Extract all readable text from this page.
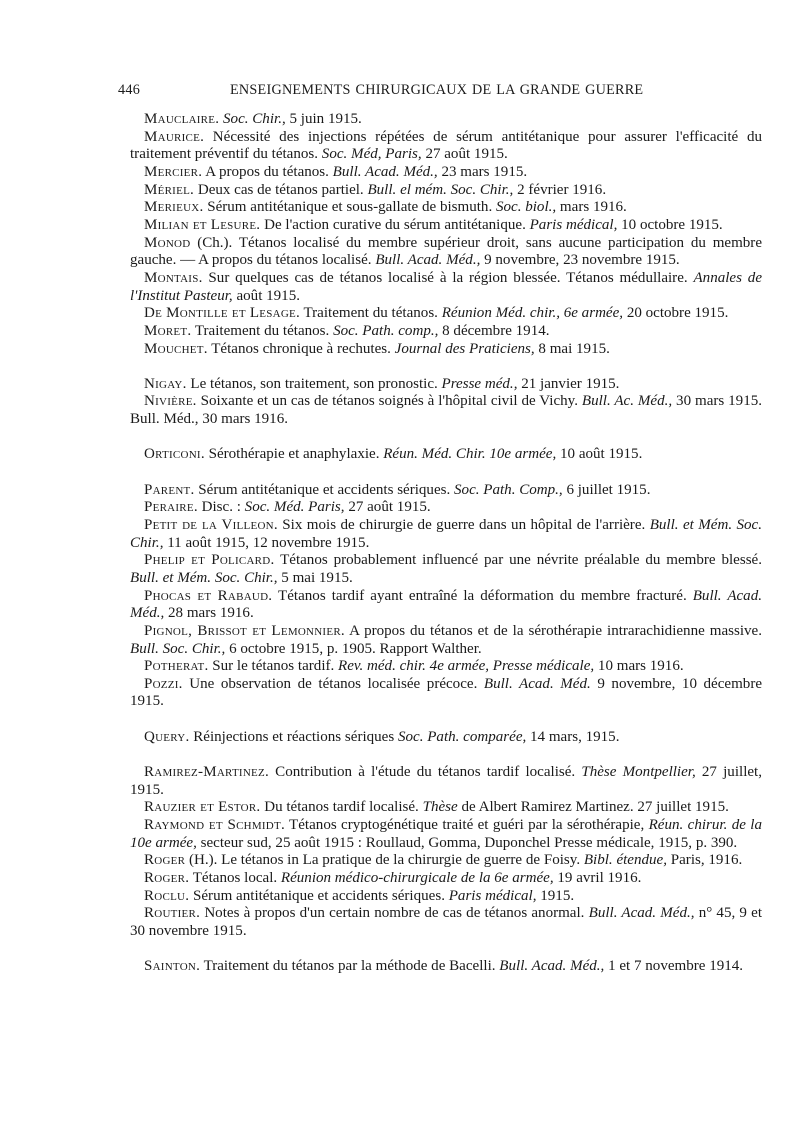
446	ENSEIGNEMENTS CHIRURGICAUX DE LA GRANDE GUERRE

Mauclaire. Soc. Chir., 5 juin 1915.

Maurice. Nécessité des injections répétées de sérum antitétanique pour assurer l'efficacité du traitement préventif du tétanos. Soc. Méd, Paris, 27 août 1915.

Mercier. A propos du tétanos. Bull. Acad. Méd., 23 mars 1915.

Mériel. Deux cas de tétanos partiel. Bull. el mém. Soc. Chir., 2 février 1916.

Merieux. Sérum antitétanique et sous-gallate de bismuth. Soc. biol., mars 1916.

Milian et Lesure. De l'action curative du sérum antitétanique. Paris médical, 10 octobre 1915.

Monod (Ch.). Tétanos localisé du membre supérieur droit, sans aucune participation du membre gauche. — A propos du tétanos localisé. Bull. Acad. Méd., 9 novembre, 23 novembre 1915.

Montais. Sur quelques cas de tétanos localisé à la région blessée. Tétanos médullaire. Annales de l'Institut Pasteur, août 1915.

De Montille et Lesage. Traitement du tétanos. Réunion Méd. chir., 6e armée, 20 octobre 1915.

Moret. Traitement du tétanos. Soc. Path. comp., 8 décembre 1914.

Mouchet. Tétanos chronique à rechutes. Journal des Praticiens, 8 mai 1915.

Nigay. Le tétanos, son traitement, son pronostic. Presse méd., 21 janvier 1915.

Nivière. Soixante et un cas de tétanos soignés à l'hôpital civil de Vichy. Bull. Ac. Méd., 30 mars 1915. Bull. Méd., 30 mars 1916.

Orticoni. Sérothérapie et anaphylaxie. Réun. Méd. Chir. 10e armée, 10 août 1915.

Parent. Sérum antitétanique et accidents sériques. Soc. Path. Comp., 6 juillet 1915.

Peraire. Disc. : Soc. Méd. Paris, 27 août 1915.

Petit de la Villeon. Six mois de chirurgie de guerre dans un hôpital de l'arrière. Bull. et Mém. Soc. Chir., 11 août 1915, 12 novembre 1915.

Phelip et Policard. Tétanos probablement influencé par une névrite préalable du membre blessé. Bull. et Mém. Soc. Chir., 5 mai 1915.

Phocas et Rabaud. Tétanos tardif ayant entraîné la déformation du membre fracturé. Bull. Acad. Méd., 28 mars 1916.

Pignol, Brissot et Lemonnier. A propos du tétanos et de la sérothérapie intrarachidienne massive. Bull. Soc. Chir., 6 octobre 1915, p. 1905. Rapport Walther.

Potherat. Sur le tétanos tardif. Rev. méd. chir. 4e armée, Presse médicale, 10 mars 1916.

Pozzi. Une observation de tétanos localisée précoce. Bull. Acad. Méd. 9 novembre, 10 décembre 1915.

Query. Réinjections et réactions sériques Soc. Path. comparée, 14 mars, 1915.

Ramirez-Martinez. Contribution à l'étude du tétanos tardif localisé. Thèse Montpellier, 27 juillet, 1915.

Rauzier et Estor. Du tétanos tardif localisé. Thèse de Albert Ramirez Martinez. 27 juillet 1915.

Raymond et Schmidt. Tétanos cryptogénétique traité et guéri par la sérothérapie, Réun. chirur. de la 10e armée, secteur sud, 25 août 1915 : Roullaud, Gomma, Duponchel Presse médicale, 1915, p. 390.

Roger (H.). Le tétanos in La pratique de la chirurgie de guerre de Foisy. Bibl. étendue, Paris, 1916.

Roger. Tétanos local. Réunion médico-chirurgicale de la 6e armée, 19 avril 1916.

Roclu. Sérum antitétanique et accidents sériques. Paris médical, 1915.

Routier. Notes à propos d'un certain nombre de cas de tétanos anormal. Bull. Acad. Méd., n° 45, 9 et 30 novembre 1915.

Sainton. Traitement du tétanos par la méthode de Bacelli. Bull. Acad. Méd., 1 et 7 novembre 1914.
